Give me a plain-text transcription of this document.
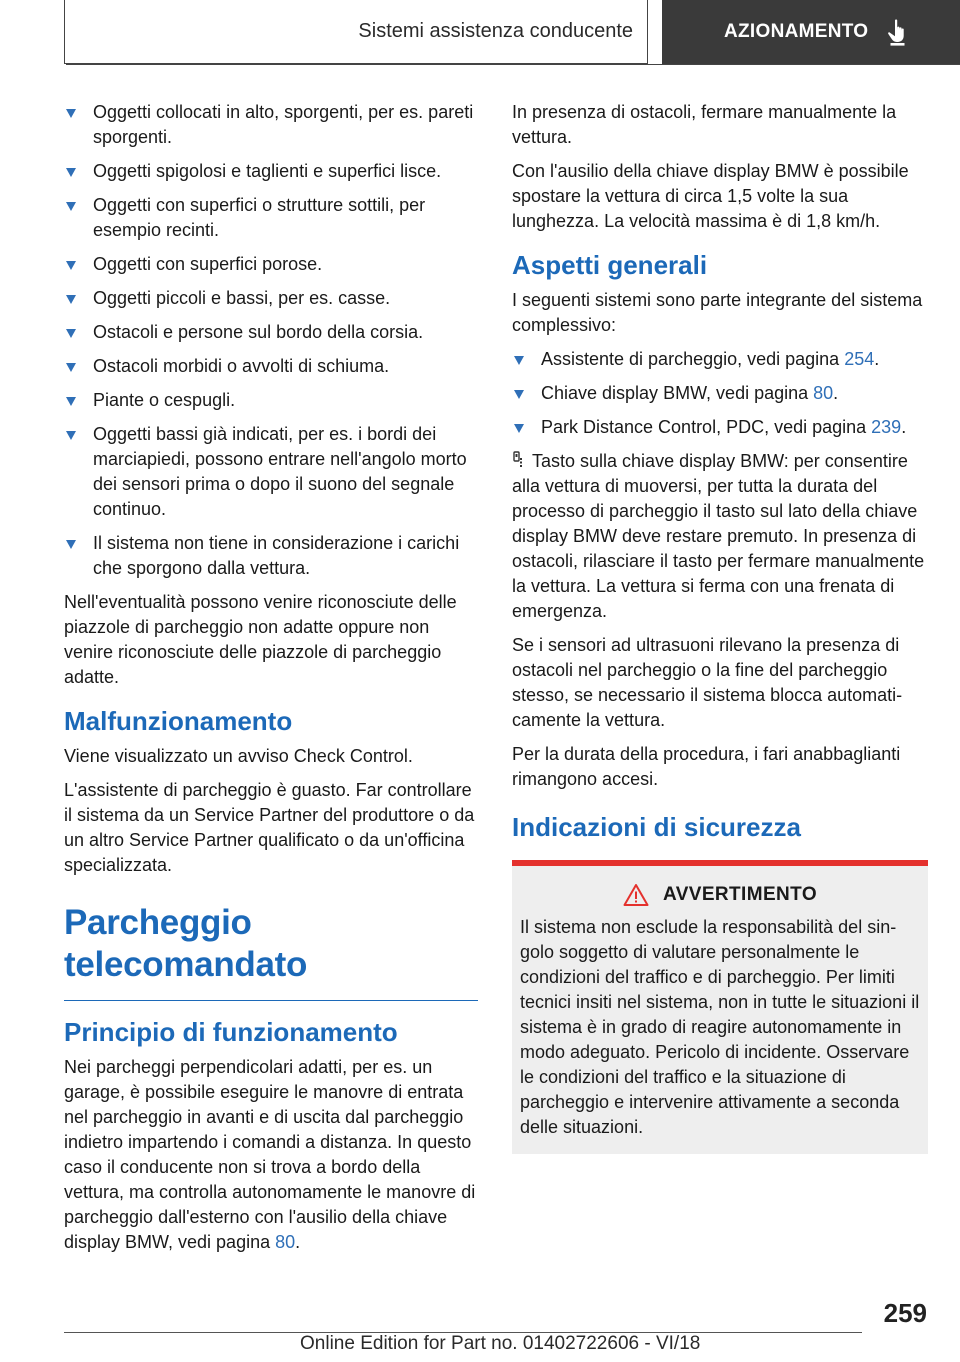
Sistemi assistenza conducente	AZIONAMENTO
Oggetti collocati in alto, sporgenti, per es. pareti sporgenti.
Oggetti spigolosi e taglienti e superfici lisce.
Oggetti con superfici o strutture sottili, per esempio recinti.
Oggetti con superfici porose.
Oggetti piccoli e bassi, per es. casse.
Ostacoli e persone sul bordo della corsia.
Ostacoli morbidi o avvolti di schiuma.
Piante o cespugli.
Oggetti bassi già indicati, per es. i bordi dei marciapiedi, possono entrare nell'angolo morto dei sensori prima o dopo il suono del segnale continuo.
Il sistema non tiene in considerazione i carichi che sporgono dalla vettura.

Nell'eventualità possono venire riconosciute delle piazzole di parcheggio non adatte oppure non venire riconosciute delle piazzole di parcheggio adatte.

Malfunzionamento

Viene visualizzato un avviso Check Control.

L'assistente di parcheggio è guasto. Far controllare il sistema da un Service Partner del produttore o da un altro Service Partner qualificato o da un'officina specializzata.

Parcheggio telecomandato
Principio di funzionamento

Nei parcheggi perpendicolari adatti, per es. un garage, è possibile eseguire le manovre di entrata nel parcheggio in avanti e di uscita dal parcheggio indietro impartendo i comandi a distanza. In questo caso il conducente non si trova a bordo della vettura, ma controlla autonomamente le manovre di parcheggio dall'esterno con l'ausilio della chiave display BMW, vedi pagina 80.

In presenza di ostacoli, fermare manualmente la vettura.

Con l'ausilio della chiave display BMW è possibile spostare la vettura di circa 1,5 volte la sua lunghezza. La velocità massima è di 1,8 km/h.

Aspetti generali

I seguenti sistemi sono parte integrante del sistema complessivo:

Assistente di parcheggio, vedi pagina 254.
Chiave display BMW, vedi pagina 80.
Park Distance Control, PDC, vedi pagina 239.

Tasto sulla chiave display BMW: per consentire alla vettura di muoversi, per tutta la durata del processo di parcheggio il tasto sul lato della chiave display BMW deve restare premuto. In presenza di ostacoli, rilasciare il tasto per fermare manualmente la vettura. La vettura si ferma con una frenata di emergenza.

Se i sensori ad ultrasuoni rilevano la presenza di ostacoli nel parcheggio o la fine del parcheggio stesso, se necessario il sistema blocca automaticamente la vettura.

Per la durata della procedura, i fari anabbaglianti rimangono accesi.

Indicazioni di sicurezza
AVVERTIMENTO

Il sistema non esclude la responsabilità del singolo soggetto di valutare personalmente le condizioni del traffico e di parcheggio. Per limiti tecnici insiti nel sistema, non in tutte le situazioni il sistema è in grado di reagire autonomamente in modo adeguato. Pericolo di incidente. Osservare le condizioni del traffico e la situazione di parcheggio e intervenire attivamente a seconda delle situazioni.

259
Online Edition for Part no. 01402722606 - VI/18
